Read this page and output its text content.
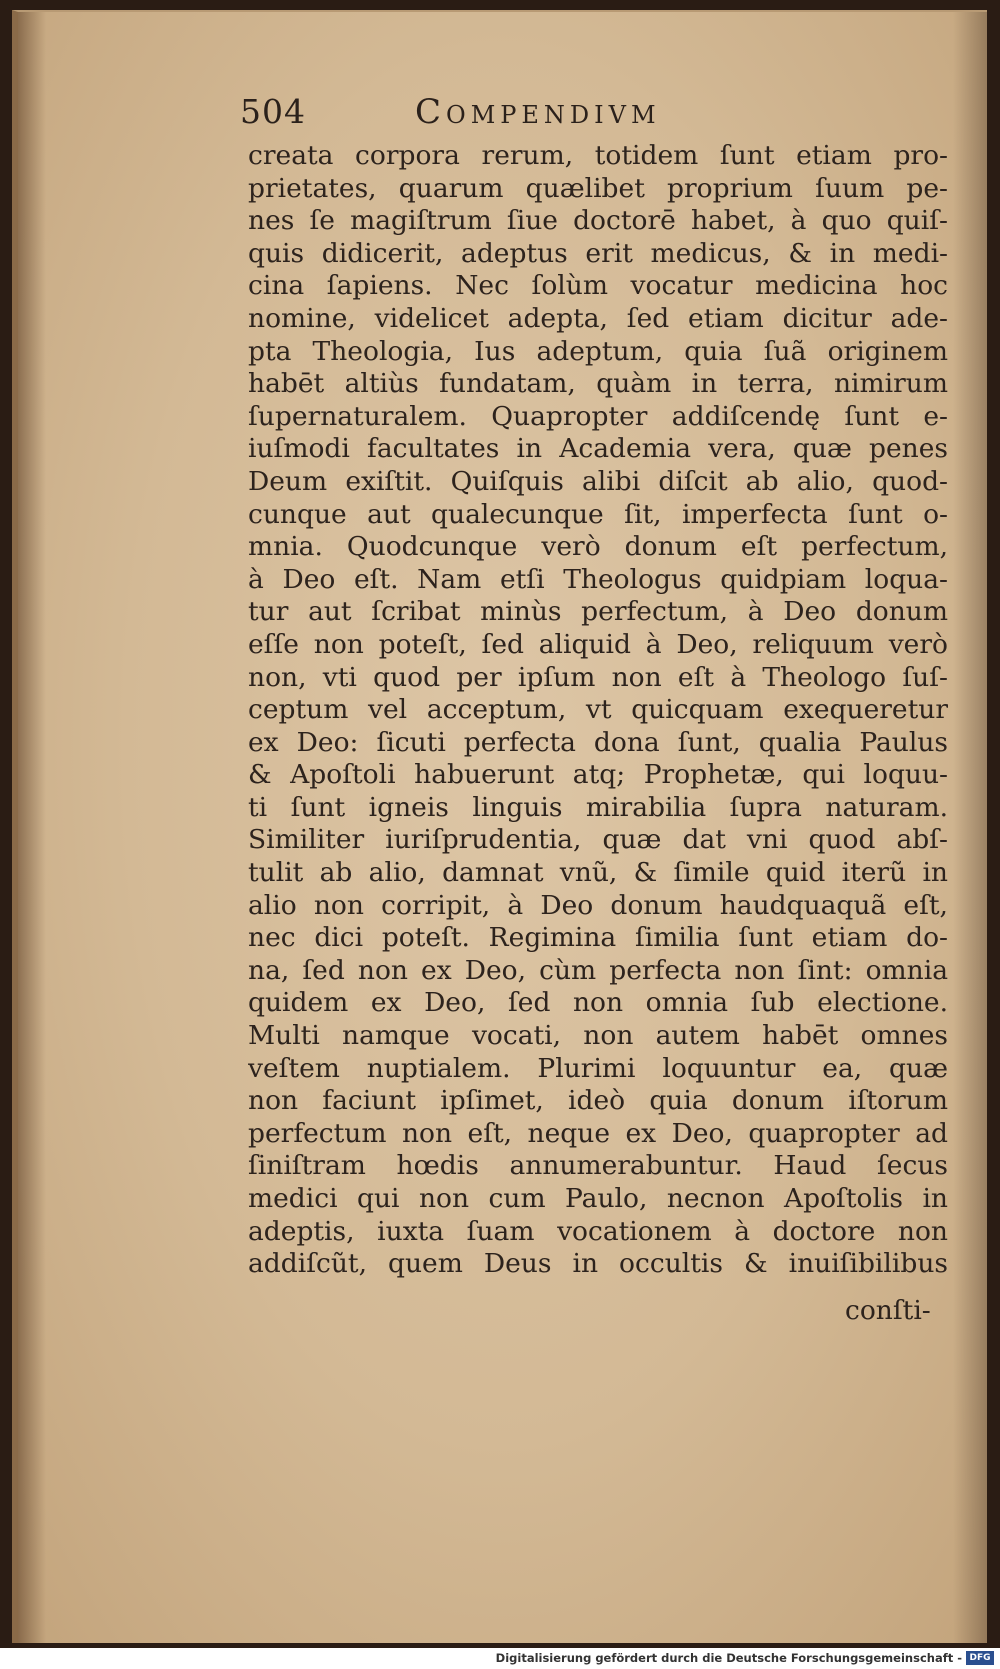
504	Compendivm
creata corpora rerum, totidem ſunt etiam pro-
prietates, quarum quælibet proprium ſuum pe-
nes ſe magiſtrum ſiue doctorē habet, à quo quiſ-
quis didicerit, adeptus erit medicus, & in medi-
cina ſapiens. Nec ſolùm vocatur medicina hoc
nomine, videlicet adepta, ſed etiam dicitur ade-
pta Theologia, Ius adeptum, quia ſuã originem
habēt altiùs fundatam, quàm in terra, nimirum
ſupernaturalem. Quapropter addiſcendę ſunt e-
iuſmodi facultates in Academia vera, quæ penes
Deum exiſtit. Quiſquis alibi diſcit ab alio, quod-
cunque aut qualecunque ſit, imperfecta ſunt o-
mnia. Quodcunque verò donum eſt perfectum,
à Deo eſt. Nam etſi Theologus quidpiam loqua-
tur aut ſcribat minùs perfectum, à Deo donum
eſſe non poteſt, ſed aliquid à Deo, reliquum verò
non, vti quod per ipſum non eſt à Theologo ſuſ-
ceptum vel acceptum, vt quicquam exequeretur
ex Deo: ſicuti perfecta dona ſunt, qualia Paulus
& Apoſtoli habuerunt atq; Prophetæ, qui loquu-
ti ſunt igneis linguis mirabilia ſupra naturam.
Similiter iuriſprudentia, quæ dat vni quod abſ-
tulit ab alio, damnat vnũ, & ſimile quid iterũ in
alio non corripit, à Deo donum haudquaquã eſt,
nec dici poteſt. Regimina ſimilia ſunt etiam do-
na, ſed non ex Deo, cùm perfecta non ſint: omnia
quidem ex Deo, ſed non omnia ſub electione.
Multi namque vocati, non autem habēt omnes
veſtem nuptialem. Plurimi loquuntur ea, quæ
non faciunt ipſimet, ideò quia donum iſtorum
perfectum non eſt, neque ex Deo, quapropter ad
ſiniſtram hœdis annumerabuntur. Haud ſecus
medici qui non cum Paulo, necnon Apoſtolis in
adeptis, iuxta ſuam vocationem à doctore non
addiſcũt, quem Deus in occultis & inuiſibilibus
conſti-
Digitalisierung gefördert durch die Deutsche Forschungsgemeinschaft - DFG
